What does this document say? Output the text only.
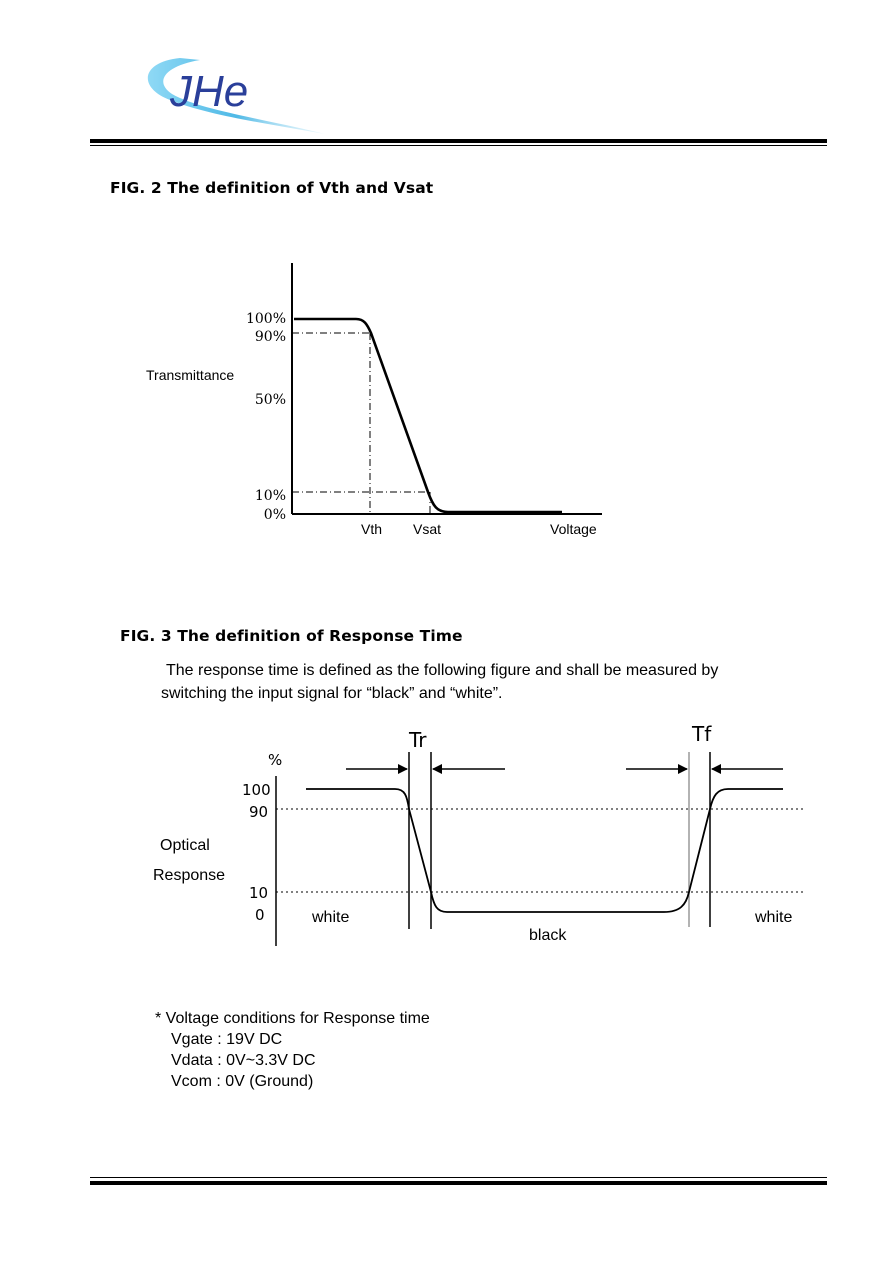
JHe
FIG. 2 The definition of Vth and Vsat
Transmittance
100%
90%
50%
10%
0%
Vth Vsat	Voltage
FIG. 3 The definition of Response Time
The response time is defined as the following figure and shall be measured by
switching the input signal for “black” and “white”.
%
100
90
10
0
Optical
Response
Tr	Tf
white
black
white
* Voltage conditions for Response time
Vgate : 19V DC
Vdata : 0V~3.3V DC
Vcom : 0V (Ground)
